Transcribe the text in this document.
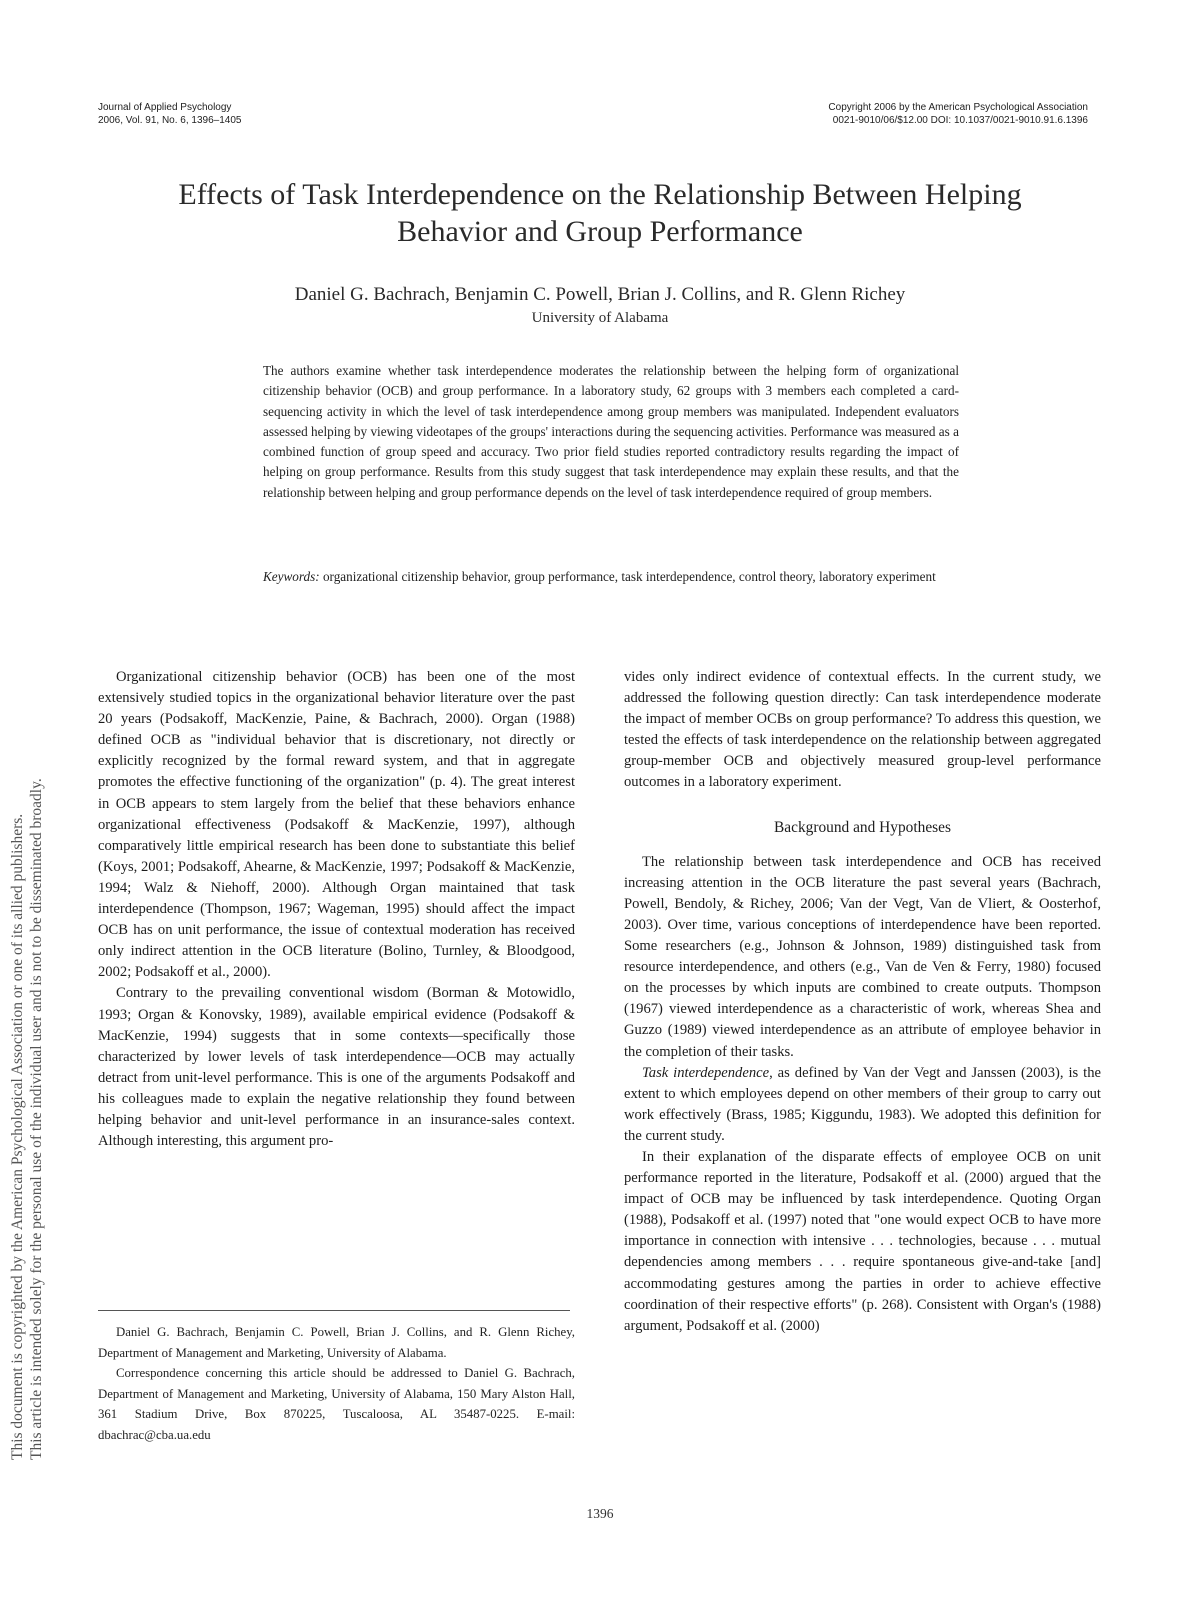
Journal of Applied Psychology
2006, Vol. 91, No. 6, 1396–1405
Copyright 2006 by the American Psychological Association
0021-9010/06/$12.00 DOI: 10.1037/0021-9010.91.6.1396
Effects of Task Interdependence on the Relationship Between Helping
Behavior and Group Performance
Daniel G. Bachrach, Benjamin C. Powell, Brian J. Collins, and R. Glenn Richey
University of Alabama

The authors examine whether task interdependence moderates the relationship between the helping form of organizational citizenship behavior (OCB) and group performance. In a laboratory study, 62 groups with 3 members each completed a card-sequencing activity in which the level of task interdependence among group members was manipulated. Independent evaluators assessed helping by viewing videotapes of the groups' interactions during the sequencing activities. Performance was measured as a combined function of group speed and accuracy. Two prior field studies reported contradictory results regarding the impact of helping on group performance. Results from this study suggest that task interdependence may explain these results, and that the relationship between helping and group performance depends on the level of task interdependence required of group members.

Keywords: organizational citizenship behavior, group performance, task interdependence, control theory, laboratory experiment

Organizational citizenship behavior (OCB) has been one of the most extensively studied topics in the organizational behavior literature over the past 20 years (Podsakoff, MacKenzie, Paine, & Bachrach, 2000). Organ (1988) defined OCB as "individual behavior that is discretionary, not directly or explicitly recognized by the formal reward system, and that in aggregate promotes the effective functioning of the organization" (p. 4). The great interest in OCB appears to stem largely from the belief that these behaviors enhance organizational effectiveness (Podsakoff & MacKenzie, 1997), although comparatively little empirical research has been done to substantiate this belief (Koys, 2001; Podsakoff, Ahearne, & MacKenzie, 1997; Podsakoff & MacKenzie, 1994; Walz & Niehoff, 2000). Although Organ maintained that task interdependence (Thompson, 1967; Wageman, 1995) should affect the impact OCB has on unit performance, the issue of contextual moderation has received only indirect attention in the OCB literature (Bolino, Turnley, & Bloodgood, 2002; Podsakoff et al., 2000).

Contrary to the prevailing conventional wisdom (Borman & Motowidlo, 1993; Organ & Konovsky, 1989), available empirical evidence (Podsakoff & MacKenzie, 1994) suggests that in some contexts—specifically those characterized by lower levels of task interdependence—OCB may actually detract from unit-level performance. This is one of the arguments Podsakoff and his colleagues made to explain the negative relationship they found between helping behavior and unit-level performance in an insurance-sales context. Although interesting, this argument pro-

vides only indirect evidence of contextual effects. In the current study, we addressed the following question directly: Can task interdependence moderate the impact of member OCBs on group performance? To address this question, we tested the effects of task interdependence on the relationship between aggregated group-member OCB and objectively measured group-level performance outcomes in a laboratory experiment.

Background and Hypotheses

The relationship between task interdependence and OCB has received increasing attention in the OCB literature the past several years (Bachrach, Powell, Bendoly, & Richey, 2006; Van der Vegt, Van de Vliert, & Oosterhof, 2003). Over time, various conceptions of interdependence have been reported. Some researchers (e.g., Johnson & Johnson, 1989) distinguished task from resource interdependence, and others (e.g., Van de Ven & Ferry, 1980) focused on the processes by which inputs are combined to create outputs. Thompson (1967) viewed interdependence as a characteristic of work, whereas Shea and Guzzo (1989) viewed interdependence as an attribute of employee behavior in the completion of their tasks.

Task interdependence, as defined by Van der Vegt and Janssen (2003), is the extent to which employees depend on other members of their group to carry out work effectively (Brass, 1985; Kiggundu, 1983). We adopted this definition for the current study.

In their explanation of the disparate effects of employee OCB on unit performance reported in the literature, Podsakoff et al. (2000) argued that the impact of OCB may be influenced by task interdependence. Quoting Organ (1988), Podsakoff et al. (1997) noted that "one would expect OCB to have more importance in connection with intensive . . . technologies, because . . . mutual dependencies among members . . . require spontaneous give-and-take [and] accommodating gestures among the parties in order to achieve effective coordination of their respective efforts" (p. 268). Consistent with Organ's (1988) argument, Podsakoff et al. (2000)

Daniel G. Bachrach, Benjamin C. Powell, Brian J. Collins, and R. Glenn Richey, Department of Management and Marketing, University of Alabama.

Correspondence concerning this article should be addressed to Daniel G. Bachrach, Department of Management and Marketing, University of Alabama, 150 Mary Alston Hall, 361 Stadium Drive, Box 870225, Tuscaloosa, AL 35487-0225. E-mail: dbachrac@cba.ua.edu

1396
This document is copyrighted by the American Psychological Association or one of its allied publishers. This article is intended solely for the personal use of the individual user and is not to be disseminated broadly.
